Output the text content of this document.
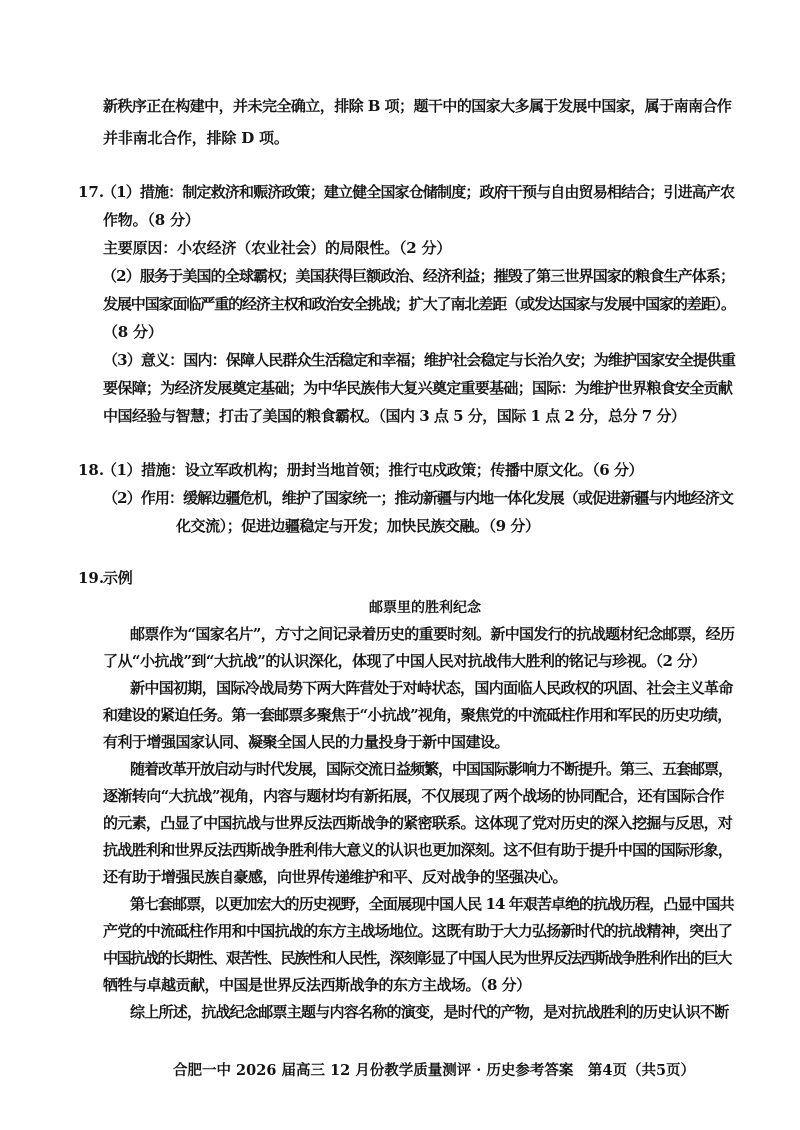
新秩序正在构建中，并未完全确立，排除 B 项；题干中的国家大多属于发展中国家，属于南南合作
并非南北合作，排除 D 项。
17.
（1）措施：制定救济和赈济政策；建立健全国家仓储制度；政府干预与自由贸易相结合；引进高产农
作物。（8 分）
主要原因：小农经济（农业社会）的局限性。（2 分）
（2）服务于美国的全球霸权；美国获得巨额政治、经济利益；摧毁了第三世界国家的粮食生产体系；
发展中国家面临严重的经济主权和政治安全挑战；扩大了南北差距（或发达国家与发展中国家的差距）。
（8 分）
（3）意义：国内：保障人民群众生活稳定和幸福；维护社会稳定与长治久安；为维护国家安全提供重
要保障；为经济发展奠定基础；为中华民族伟大复兴奠定重要基础；国际：为维护世界粮食安全贡献
中国经验与智慧；打击了美国的粮食霸权。（国内 3 点 5 分，国际 1 点 2 分，总分 7 分）
18.
（1）措施：设立军政机构；册封当地首领；推行屯戍政策；传播中原文化。（6 分）
（2）作用：缓解边疆危机，维护了国家统一；推动新疆与内地一体化发展（或促进新疆与内地经济文
化交流）；促进边疆稳定与开发；加快民族交融。（9 分）
19.
示例
邮票里的胜利纪念
邮票作为“国家名片”，方寸之间记录着历史的重要时刻。新中国发行的抗战题材纪念邮票，经历
了从“小抗战”到“大抗战”的认识深化，体现了中国人民对抗战伟大胜利的铭记与珍视。（2 分）
新中国初期，国际冷战局势下两大阵营处于对峙状态，国内面临人民政权的巩固、社会主义革命
和建设的紧迫任务。第一套邮票多聚焦于“小抗战”视角，聚焦党的中流砥柱作用和军民的历史功绩，
有利于增强国家认同、凝聚全国人民的力量投身于新中国建设。
随着改革开放启动与时代发展，国际交流日益频繁，中国国际影响力不断提升。第三、五套邮票，
逐渐转向“大抗战”视角，内容与题材均有新拓展，不仅展现了两个战场的协同配合，还有国际合作
的元素，凸显了中国抗战与世界反法西斯战争的紧密联系。这体现了党对历史的深入挖掘与反思，对
抗战胜利和世界反法西斯战争胜利伟大意义的认识也更加深刻。这不但有助于提升中国的国际形象，
还有助于增强民族自豪感，向世界传递维护和平、反对战争的坚强决心。
第七套邮票，以更加宏大的历史视野，全面展现中国人民 14 年艰苦卓绝的抗战历程，凸显中国共
产党的中流砥柱作用和中国抗战的东方主战场地位。这既有助于大力弘扬新时代的抗战精神，突出了
中国抗战的长期性、艰苦性、民族性和人民性，深刻彰显了中国人民为世界反法西斯战争胜利作出的巨大
牺牲与卓越贡献，中国是世界反法西斯战争的东方主战场。（8 分）
综上所述，抗战纪念邮票主题与内容名称的演变，是时代的产物，是对抗战胜利的历史认识不断
合肥一中 2026 届高三 12 月份教学质量测评 · 历史参考答案　第4页（共5页）
